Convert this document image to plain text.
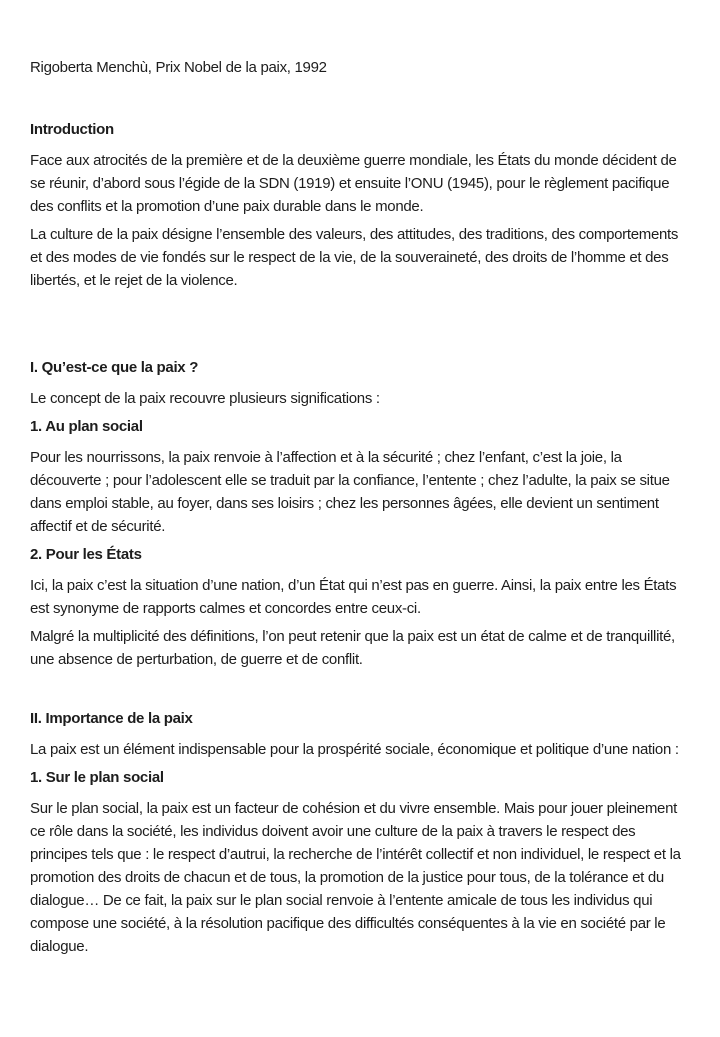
Rigoberta Menchù, Prix Nobel de la paix, 1992

Introduction

Face aux atrocités de la première et de la deuxième guerre mondiale, les États du monde décident de se réunir, d’abord sous l’égide de la SDN (1919) et ensuite l’ONU (1945), pour le règlement pacifique des conflits et la promotion d’une paix durable dans le monde.

La culture de la paix désigne l’ensemble des valeurs, des attitudes, des traditions, des comportements et des modes de vie fondés sur le respect de la vie, de la souveraineté, des droits de l’homme et des libertés, et le rejet de la violence.

I. Qu’est-ce que la paix ?

Le concept de la paix recouvre plusieurs significations :

1. Au plan social

Pour les nourrissons, la paix renvoie à l’affection et à la sécurité ; chez l’enfant, c’est la joie, la découverte ; pour l’adolescent elle se traduit par la confiance, l’entente ; chez l’adulte, la paix se situe dans emploi stable, au foyer, dans ses loisirs ; chez les personnes âgées, elle devient un sentiment affectif et de sécurité.

2. Pour les États

Ici, la paix c’est la situation d’une nation, d’un État qui n’est pas en guerre. Ainsi, la paix entre les États est synonyme de rapports calmes et concordes entre ceux-ci.

Malgré la multiplicité des définitions, l’on peut retenir que la paix est un état de calme et de tranquillité, une absence de perturbation, de guerre et de conflit.

II. Importance de la paix

La paix est un élément indispensable pour la prospérité sociale, économique et politique d’une nation :

1. Sur le plan social

Sur le plan social, la paix est un facteur de cohésion et du vivre ensemble. Mais pour jouer pleinement ce rôle dans la société, les individus doivent avoir une culture de la paix à travers le respect des principes tels que : le respect d’autrui, la recherche de l’intérêt collectif et non individuel, le respect et la promotion des droits de chacun et de tous, la promotion de la justice pour tous, de la tolérance et du dialogue… De ce fait, la paix sur le plan social renvoie à l’entente amicale de tous les individus qui compose une société, à la résolution pacifique des difficultés conséquentes à la vie en société par le dialogue.
